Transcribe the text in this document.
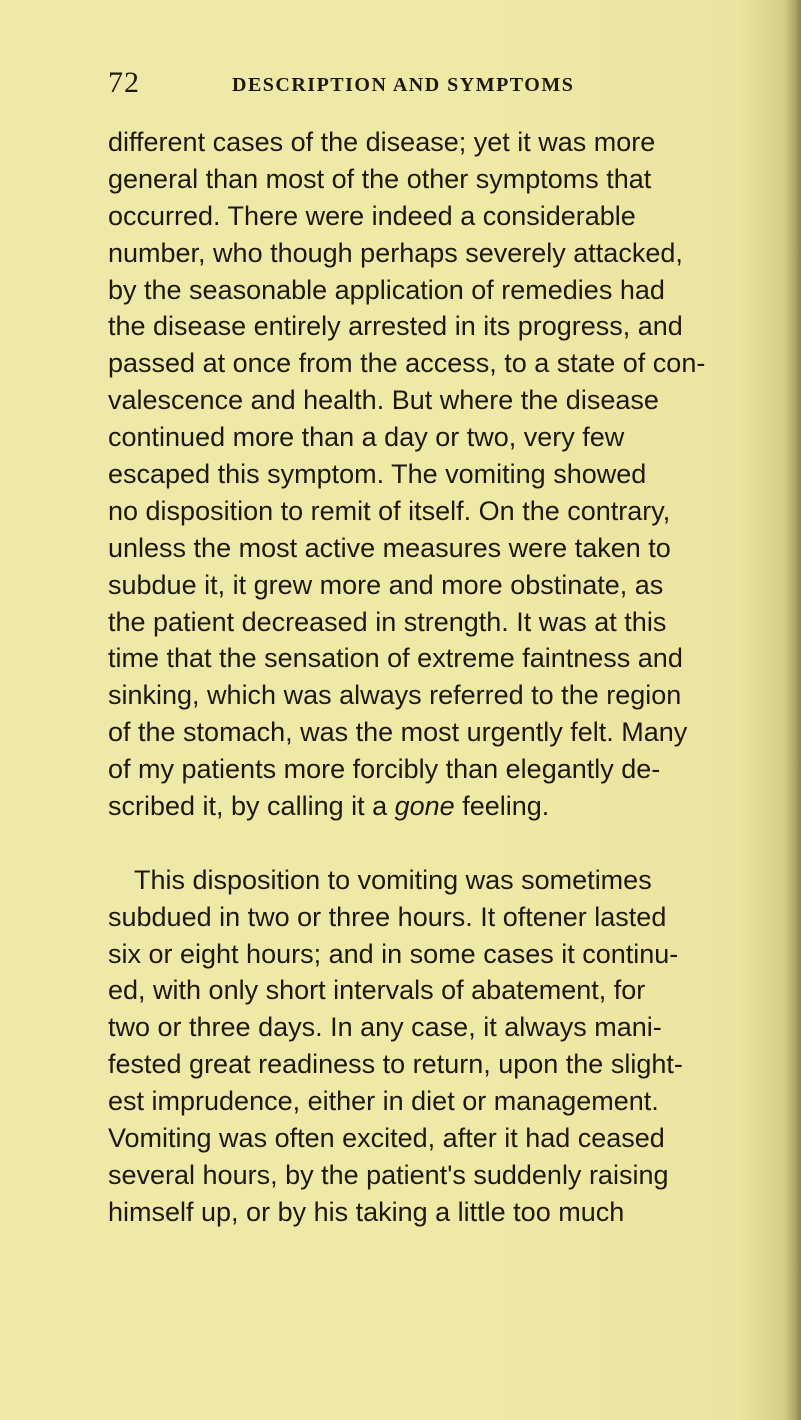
72	DESCRIPTION AND SYMPTOMS
different cases of the disease; yet it was more
general than most of the other symptoms that
occurred. There were indeed a considerable
number, who though perhaps severely attacked,
by the seasonable application of remedies had
the disease entirely arrested in its progress, and
passed at once from the access, to a state of con-
valescence and health. But where the disease
continued more than a day or two, very few
escaped this symptom. The vomiting showed
no disposition to remit of itself. On the contrary,
unless the most active measures were taken to
subdue it, it grew more and more obstinate, as
the patient decreased in strength. It was at this
time that the sensation of extreme faintness and
sinking, which was always referred to the region
of the stomach, was the most urgently felt. Many
of my patients more forcibly than elegantly de-
scribed it, by calling it a gone feeling.
This disposition to vomiting was sometimes
subdued in two or three hours. It oftener lasted
six or eight hours; and in some cases it continu-
ed, with only short intervals of abatement, for
two or three days. In any case, it always mani-
fested great readiness to return, upon the slight-
est imprudence, either in diet or management.
Vomiting was often excited, after it had ceased
several hours, by the patient's suddenly raising
himself up, or by his taking a little too much
